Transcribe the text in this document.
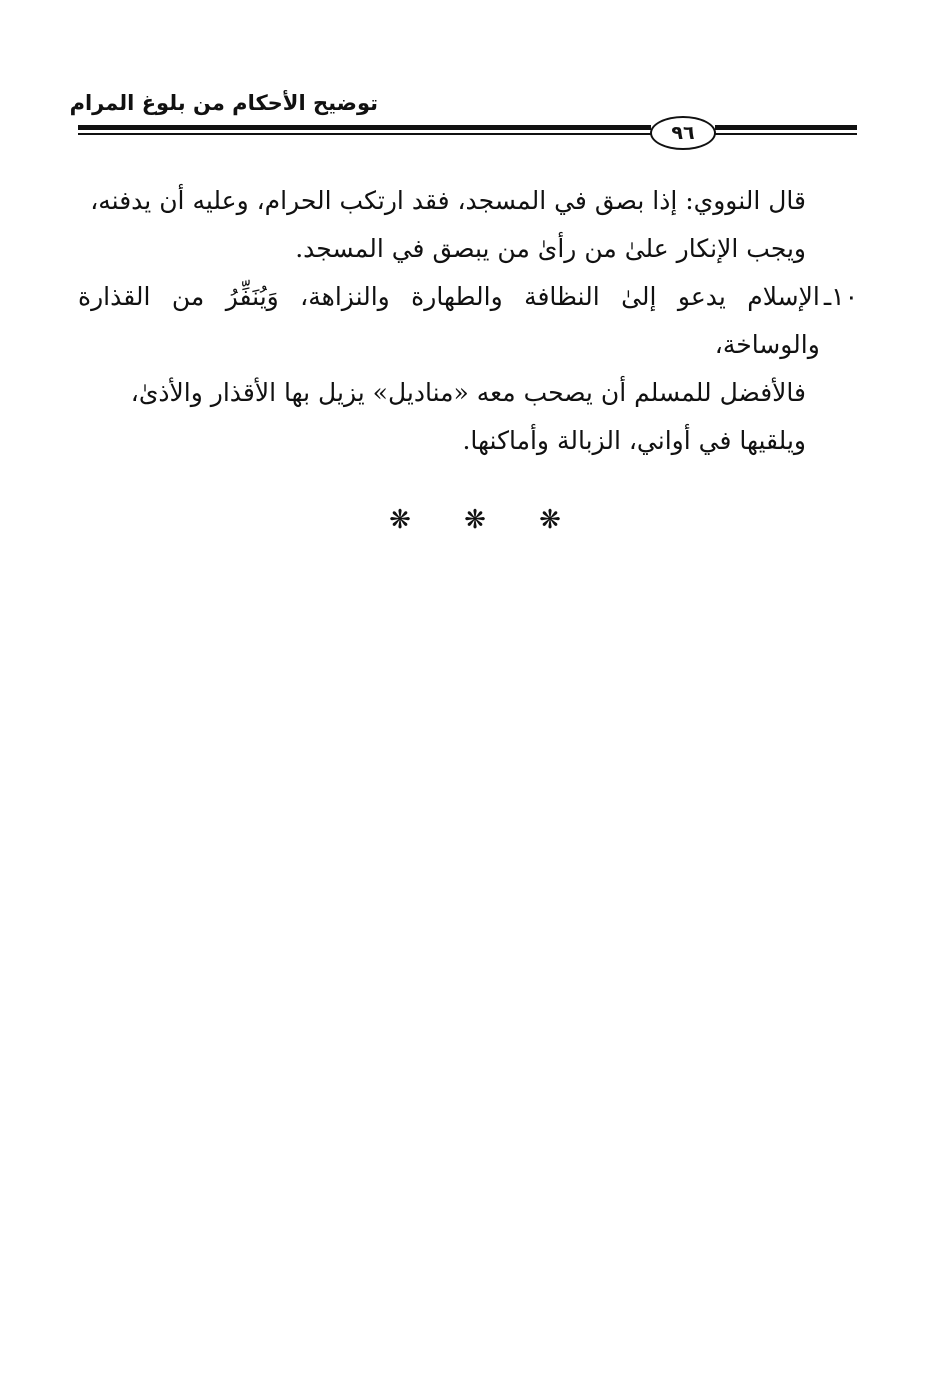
توضيح الأحكام من بلوغ المرام
٩٦

قال النووي: إذا بصق في المسجد، فقد ارتكب الحرام، وعليه أن يدفنه،

ويجب الإنكار علىٰ من رأىٰ من يبصق في المسجد.

١٠ـ
الإسلام يدعو إلىٰ النظافة والطهارة والنزاهة، وَيُنَفِّرُ من القذارة والوساخة،

فالأفضل للمسلم أن يصحب معه «مناديل» يزيل بها الأقذار والأذىٰ،

ويلقيها في أواني، الزبالة وأماكنها.

❋	❋	❋
